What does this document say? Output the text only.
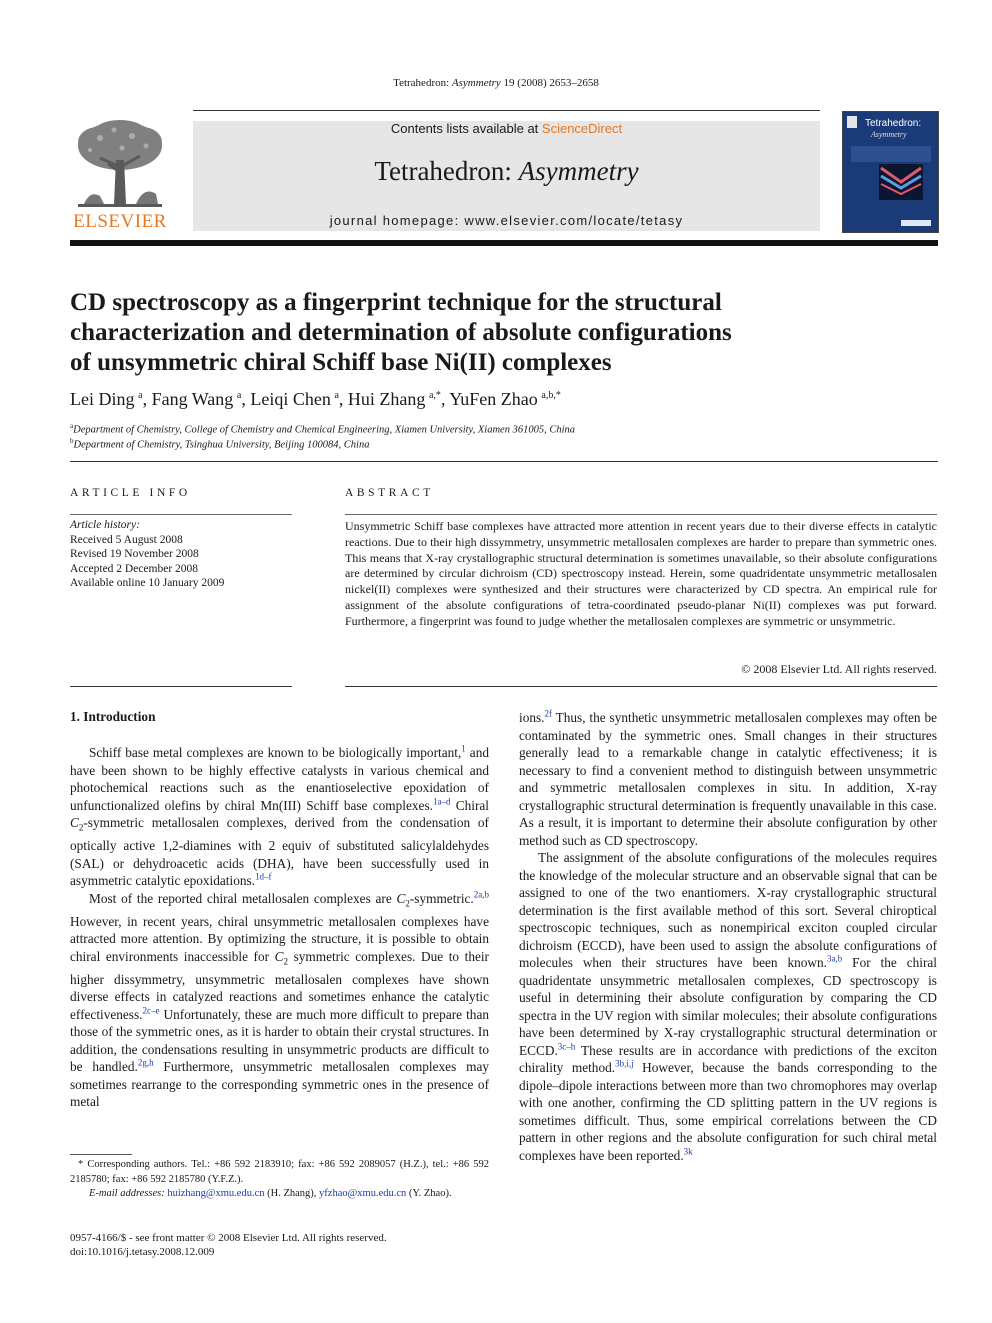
Tetrahedron: Asymmetry 19 (2008) 2653–2658
ELSEVIER
Contents lists available at ScienceDirect
Tetrahedron: Asymmetry
journal homepage: www.elsevier.com/locate/tetasy
Tetrahedron:
Asymmetry
CD spectroscopy as a fingerprint technique for the structural
characterization and determination of absolute configurations
of unsymmetric chiral Schiff base Ni(II) complexes
Lei Ding  $^a$, Fang Wang  $^a$, Leiqi Chen  $^a$, Hui Zhang  $^{a,*}$, YuFen Zhao  $^{a,b,*}$
$^a$Department of Chemistry, College of Chemistry and Chemical Engineering, Xiamen University, Xiamen 361005, China
$^b$Department of Chemistry, Tsinghua University, Beijing 100084, China
ARTICLE INFO
Article history:
Received 5 August 2008
Revised 19 November 2008
Accepted 2 December 2008
Available online 10 January 2009
ABSTRACT
Unsymmetric Schiff base complexes have attracted more attention in recent years due to their diverse effects in catalytic reactions. Due to their high dissymmetry, unsymmetric metallosalen complexes are harder to prepare than symmetric ones. This means that X-ray crystallographic structural determination is sometimes unavailable, so their absolute configurations are determined by circular dichroism (CD) spectroscopy instead. Herein, some quadridentate unsymmetric metallosalen nickel(II) complexes were synthesized and their structures were characterized by CD spectra. An empirical rule for assignment of the absolute configurations of tetra-coordinated pseudo-planar Ni(II) complexes was put forward. Furthermore, a fingerprint was found to judge whether the metallosalen complexes are symmetric or unsymmetric.
© 2008 Elsevier Ltd. All rights reserved.
1. Introduction

Schiff base metal complexes are known to be biologically important,$^1$ and have been shown to be highly effective catalysts in various chemical and photochemical reactions such as the enantioselective epoxidation of unfunctionalized olefins by chiral Mn(III) Schiff base complexes.$^{1a-d}$ Chiral $C_2$-symmetric metallosalen complexes, derived from the condensation of optically active 1,2-diamines with 2 equiv of substituted salicylaldehydes (SAL) or dehydroacetic acids (DHA), have been successfully used in asymmetric catalytic epoxidations.$^{1d-f}$

Most of the reported chiral metallosalen complexes are $C_2-symmetric.^{2a,b}$ However, in recent years, chiral unsymmetric metallosalen complexes have attracted more attention. By optimizing the structure, it is possible to obtain chiral environments inaccessible for $C_2$ symmetric complexes. Due to their higher dissymmetry, unsymmetric metallosalen complexes have shown diverse effects in catalyzed reactions and sometimes enhance the catalytic effectiveness.$^{2c-e}$ Unfortunately, these are much more difficult to prepare than those of the symmetric ones, as it is harder to obtain their crystal structures. In addition, the condensations resulting in unsymmetric products are difficult to be handled.$^{2g,h}$ Furthermore, unsymmetric metallosalen complexes may sometimes rearrange to the corresponding symmetric ones in the presence of metal

ions.$^{2f}$ Thus, the synthetic unsymmetric metallosalen complexes may often be contaminated by the symmetric ones. Small changes in their structures generally lead to a remarkable change in catalytic effectiveness; it is necessary to find a convenient method to distinguish between unsymmetric and symmetric metallosalen complexes in situ. In addition, X-ray crystallographic structural determination is frequently unavailable in this case. As a result, it is important to determine their absolute configuration by other method such as CD spectroscopy.

The assignment of the absolute configurations of the molecules requires the knowledge of the molecular structure and an observable signal that can be assigned to one of the two enantiomers. X-ray crystallographic structural determination is the first available method of this sort. Several chiroptical spectroscopic techniques, such as nonempirical exciton coupled circular dichroism (ECCD), have been used to assign the absolute configurations of molecules when their structures have been known.$^{3a,b}$ For the chiral quadridentate unsymmetric metallosalen complexes, CD spectroscopy is useful in determining their absolute configuration by comparing the CD spectra in the UV region with similar molecules; their absolute configurations have been determined by X-ray crystallographic structural determination or ECCD.$^{3c-h}$ These results are in accordance with predictions of the exciton chirality method.$^{3b,i,j}$ However, because the bands corresponding to the dipole–dipole interactions between more than two chromophores may overlap with one another, confirming the CD splitting pattern in the UV regions is sometimes difficult. Thus, some empirical correlations between the CD pattern in other regions and the absolute configuration for such chiral metal complexes have been reported.$^{3k}$

* Corresponding authors. Tel.: +86 592 2183910; fax: +86 592 2089057 (H.Z.), tel.: +86 592 2185780; fax: +86 592 2185780 (Y.F.Z.).
E-mail addresses: huizhang@xmu.edu.cn (H. Zhang), yfzhao@xmu.edu.cn (Y. Zhao).
0957-4166/$ - see front matter © 2008 Elsevier Ltd. All rights reserved.
doi:10.1016/j.tetasy.2008.12.009
